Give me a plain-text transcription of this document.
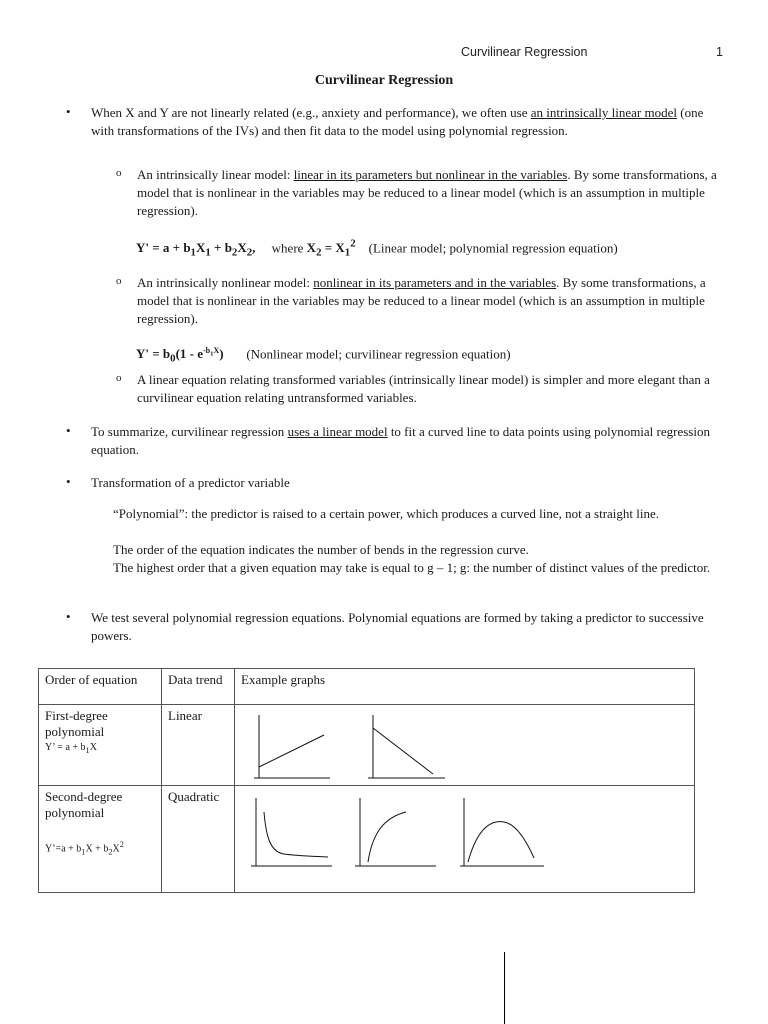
Curvilinear Regression	1
Curvilinear Regression
• When X and Y are not linearly related (e.g., anxiety and performance), we often use an intrinsically linear model (one with transformations of the IVs) and then fit data to the model using polynomial regression.
o An intrinsically linear model: linear in its parameters but nonlinear in the variables. By some transformations, a model that is nonlinear in the variables may be reduced to a linear model (which is an assumption in multiple regression).
$Y' = a + b_1X_1 + b_2X_2$, where $X_2 = X_1^2$ (Linear model; polynomial regression equation)
o An intrinsically nonlinear model: nonlinear in its parameters and in the variables. By some transformations, a model that is nonlinear in the variables may be reduced to a linear model (which is an assumption in multiple regression).
$Y' = b_0(1 - e^{-b_1X})$ (Nonlinear model; curvilinear regression equation)
o A linear equation relating transformed variables (intrinsically linear model) is simpler and more elegant than a curvilinear equation relating untransformed variables.
• To summarize, curvilinear regression uses a linear model to fit a curved line to data points using polynomial regression equation.
• Transformation of a predictor variable
“Polynomial”: the predictor is raised to a certain power, which produces a curved line, not a straight line.
The order of the equation indicates the number of bends in the regression curve.
The highest order that a given equation may take is equal to g – 1; g: the number of distinct values of the predictor.
• We test several polynomial regression equations. Polynomial equations are formed by taking a predictor to successive powers.
Order of equation	Data trend	Example graphs

First-degree polynomial
Y’ = $a + b_1X$	Linear	

Second-degree polynomial
Y’=a + $b_1X + b_2X^2$	Quadratic	
